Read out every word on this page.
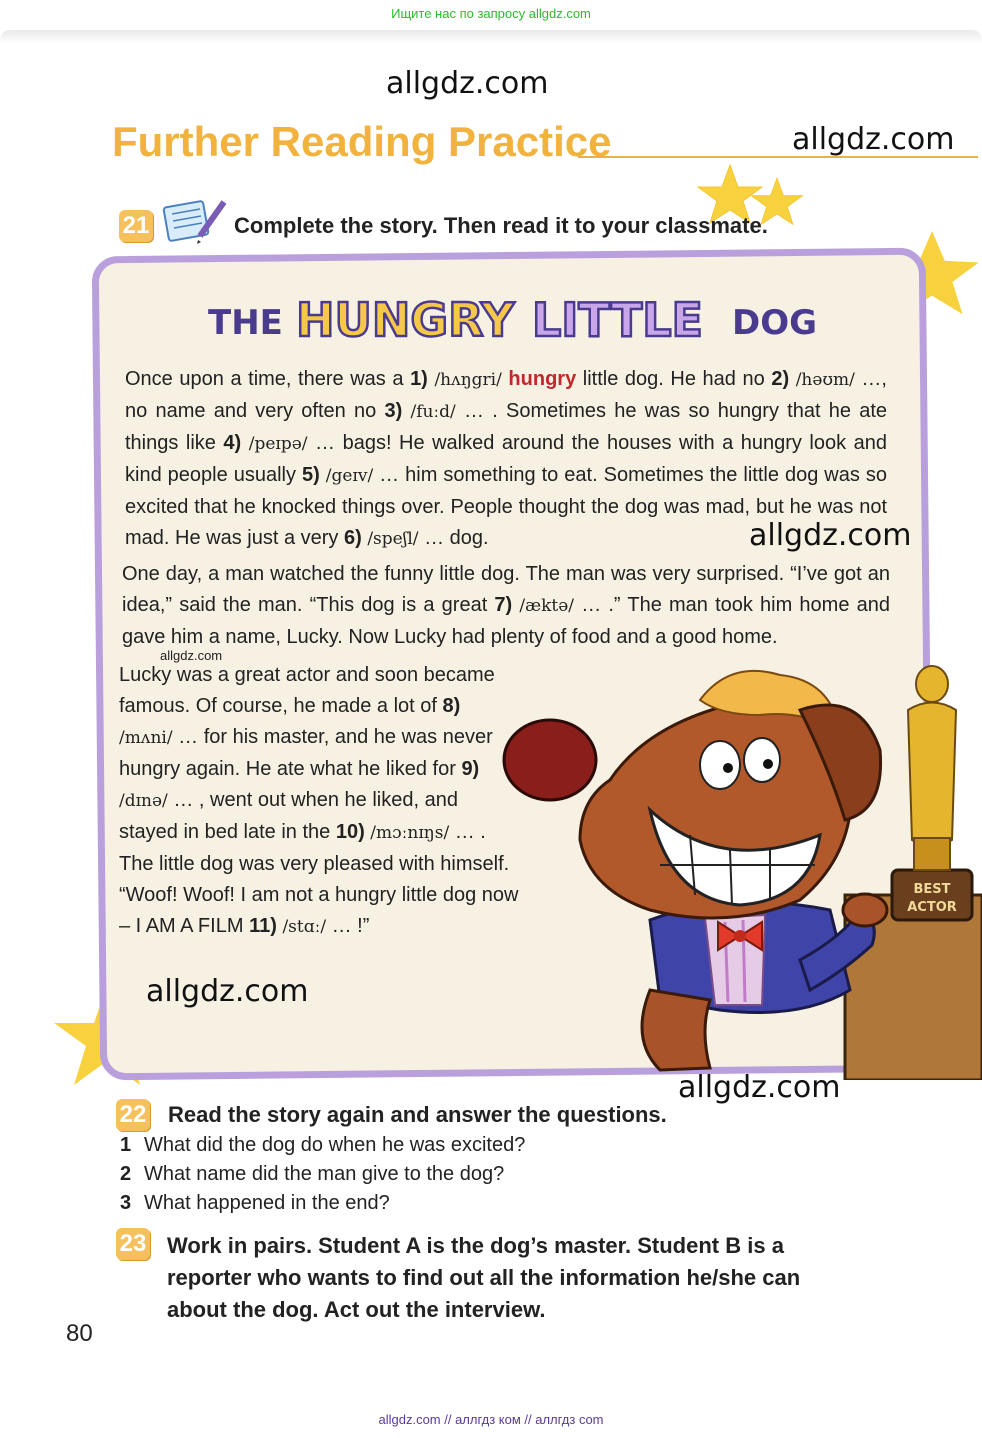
Ищите нас по запросу allgdz.com
allgdz.com
allgdz.com
Further Reading Practice
21	Complete the story. Then read it to your classmate.
THE HUNGRY LITTLE DOG
Once upon a time, there was a 1) /hʌŋgri/ hungry little dog. He had no 2) /həʊm/ …, no name and very often no 3) /fuːd/ … . Sometimes he was so hungry that he ate things like 4) /peɪpə/ … bags! He walked around the houses with a hungry look and kind people usually 5) /geɪv/ … him something to eat. Sometimes the little dog was so excited that he knocked things over. People thought the dog was mad, but he was not mad. He was just a very 6) /speʃl/ … dog.	allgdz.com
One day, a man watched the funny little dog. The man was very surprised. “I’ve got an idea,” said the man. “This dog is a great 7) /æktə/ … .” The man took him home and gave him a name, Lucky. Now Lucky had plenty of food and a good home.
allgdz.com
Lucky was a great actor and soon became famous. Of course, he made a lot of 8) /mʌni/ … for his master, and he was never hungry again. He ate what he liked for 9) /dɪnə/ … , went out when he liked, and stayed in bed late in the 10) /mɔːnɪŋs/ … . The little dog was very pleased with himself. “Woof! Woof! I am not a hungry little dog now – I AM A FILM 11) /stɑː/ … !”
allgdz.com
BEST
ACTOR
allgdz.com
22 Read the story again and answer the questions.
1 What did the dog do when he was excited?
2 What name did the man give to the dog?
3 What happened in the end?
23 Work in pairs. Student A is the dog’s master. Student B is a reporter who wants to find out all the information he/she can about the dog. Act out the interview.
80
allgdz.com // аллгдз ком // аллгдз com
